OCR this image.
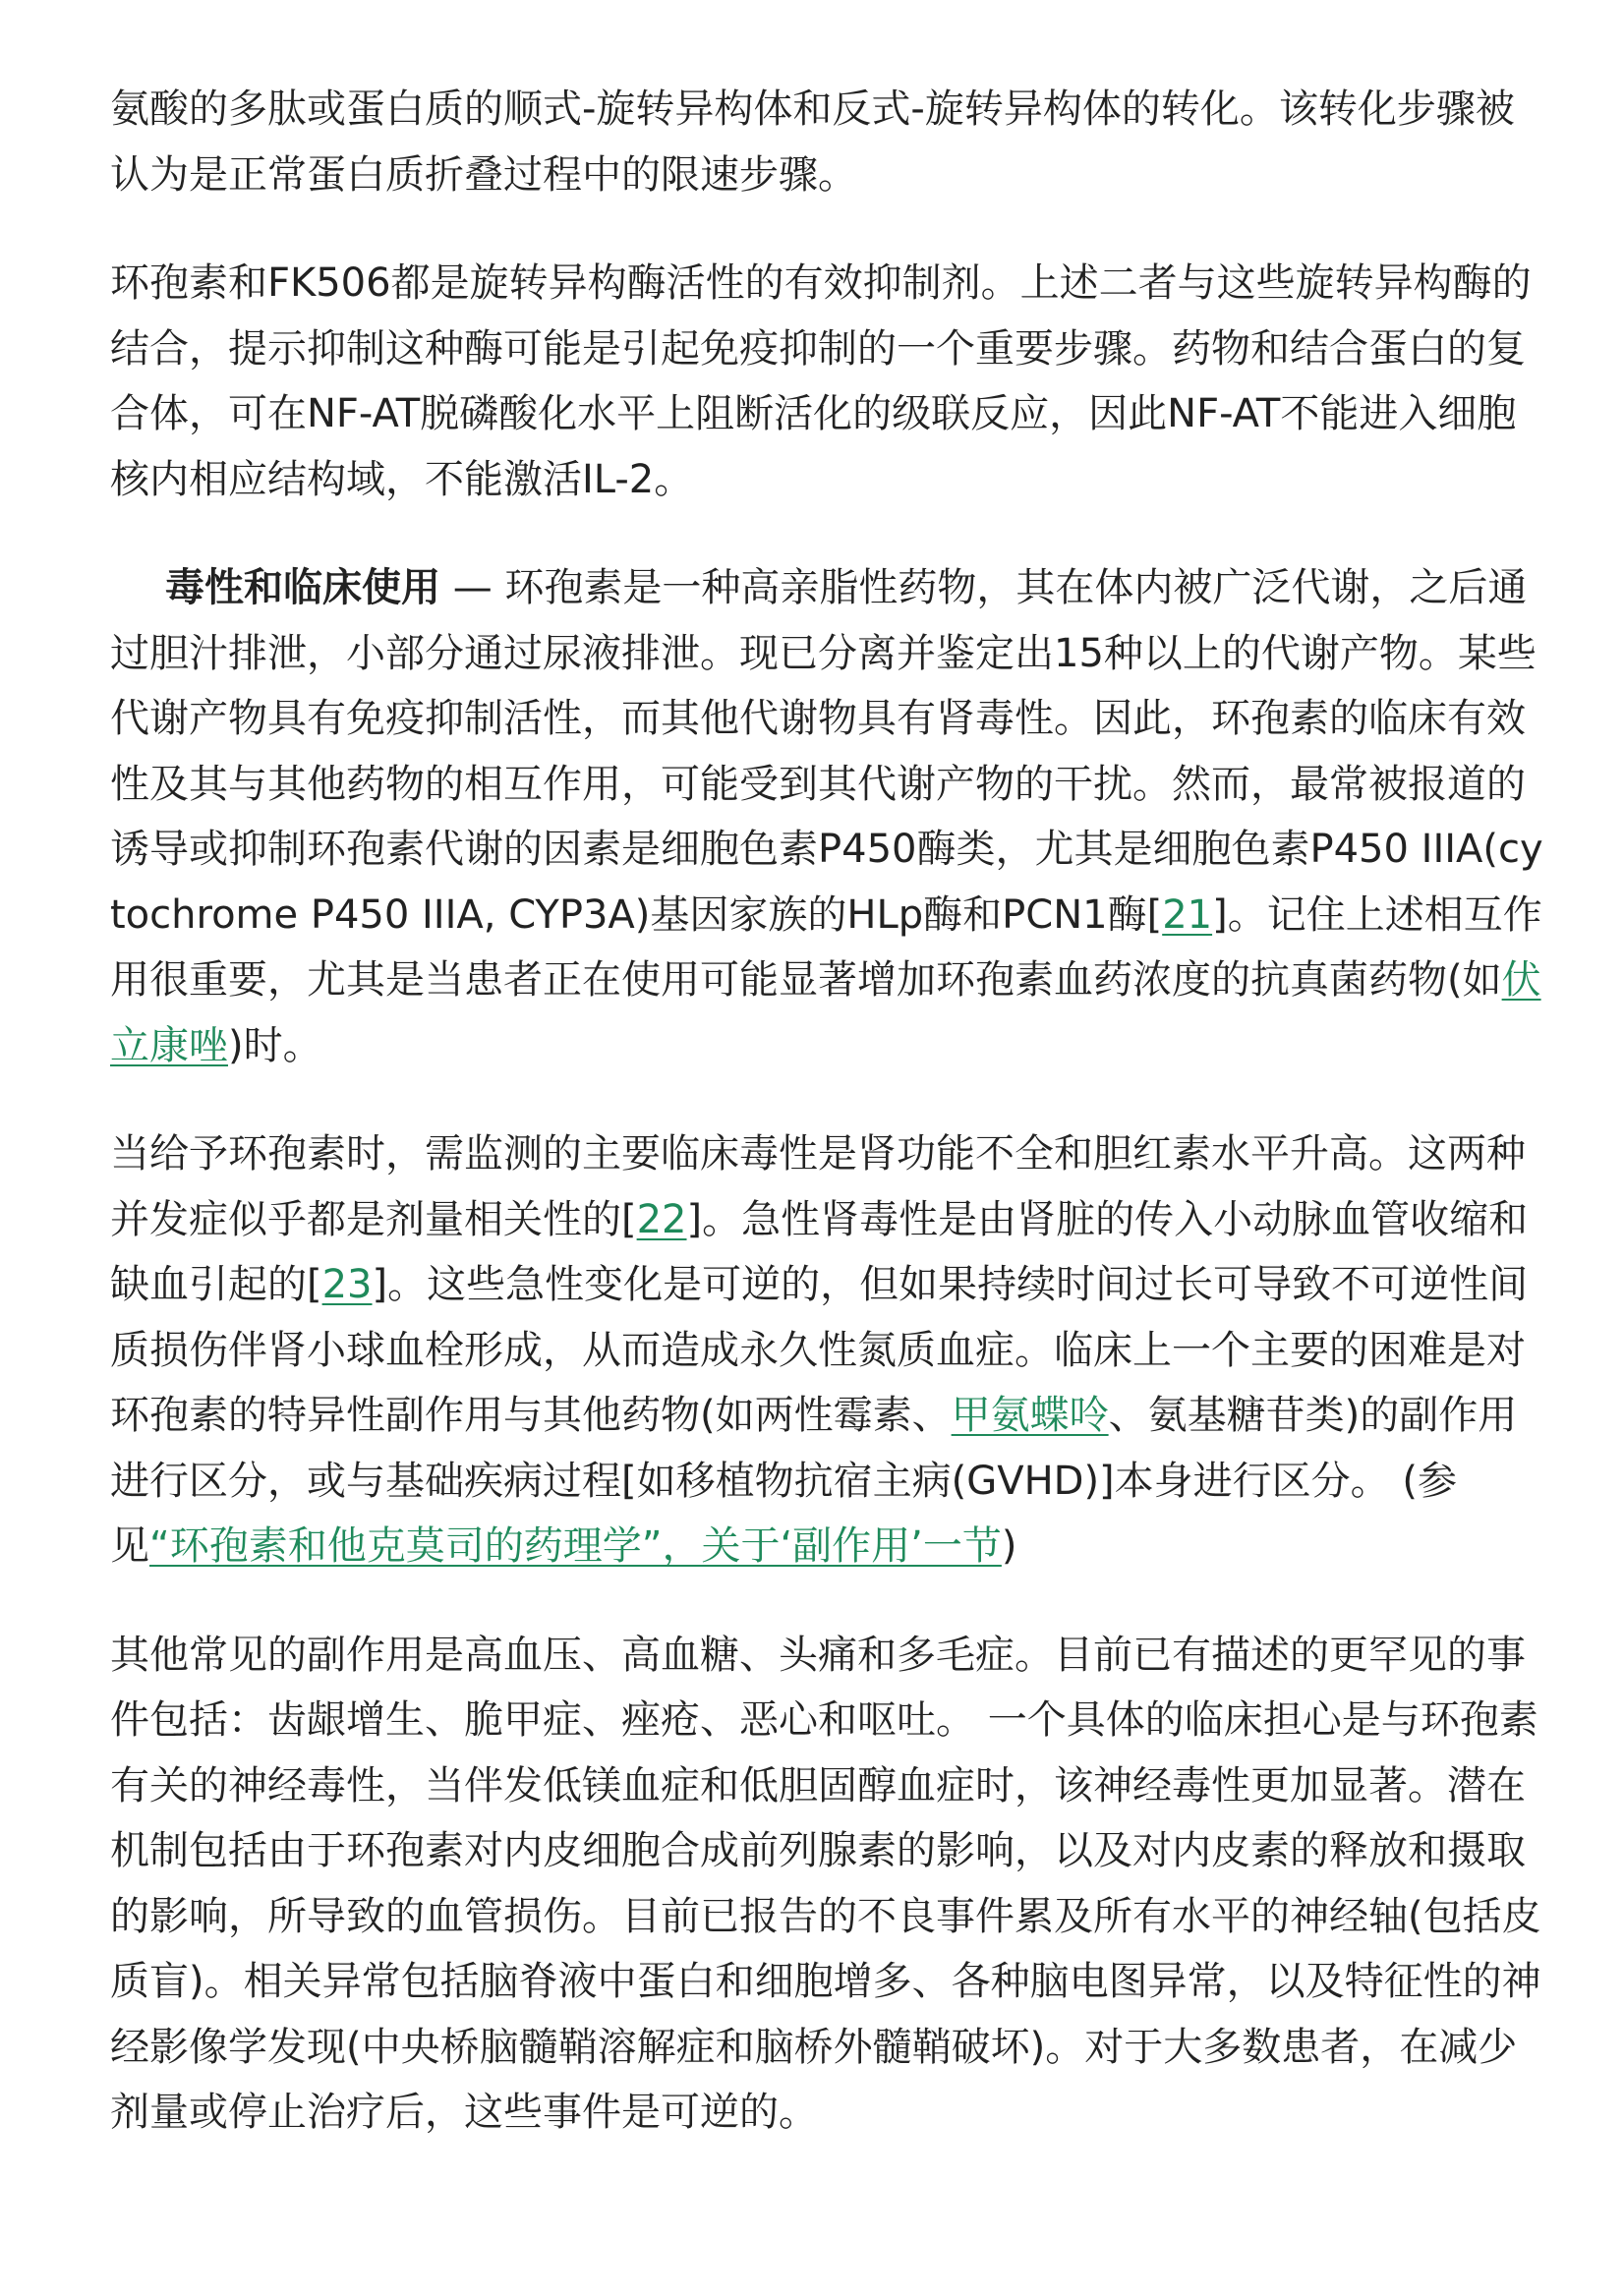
氨酸的多肽或蛋白质的顺式-旋转异构体和反式-旋转异构体的转化。该转化步骤被认为是正常蛋白质折叠过程中的限速步骤。

环孢素和FK506都是旋转异构酶活性的有效抑制剂。上述二者与这些旋转异构酶的结合，提示抑制这种酶可能是引起免疫抑制的一个重要步骤。药物和结合蛋白的复合体，可在NF-AT脱磷酸化水平上阻断活化的级联反应，因此NF-AT不能进入细胞核内相应结构域，不能激活IL-2。

毒性和临床使用 — 环孢素是一种高亲脂性药物，其在体内被广泛代谢，之后通过胆汁排泄，小部分通过尿液排泄。现已分离并鉴定出15种以上的代谢产物。某些代谢产物具有免疫抑制活性，而其他代谢物具有肾毒性。因此，环孢素的临床有效性及其与其他药物的相互作用，可能受到其代谢产物的干扰。然而，最常被报道的诱导或抑制环孢素代谢的因素是细胞色素P450酶类，尤其是细胞色素P450 IIIA(cytochrome P450 IIIA, CYP3A)基因家族的HLp酶和PCN1酶[21]。记住上述相互作用很重要，尤其是当患者正在使用可能显著增加环孢素血药浓度的抗真菌药物(如伏立康唑)时。

当给予环孢素时，需监测的主要临床毒性是肾功能不全和胆红素水平升高。这两种并发症似乎都是剂量相关性的[22]。急性肾毒性是由肾脏的传入小动脉血管收缩和缺血引起的[23]。这些急性变化是可逆的，但如果持续时间过长可导致不可逆性间质损伤伴肾小球血栓形成，从而造成永久性氮质血症。临床上一个主要的困难是对环孢素的特异性副作用与其他药物(如两性霉素、甲氨蝶呤、氨基糖苷类)的副作用进行区分，或与基础疾病过程[如移植物抗宿主病(GVHD)]本身进行区分。 (参见“环孢素和他克莫司的药理学”，关于‘副作用’一节)

其他常见的副作用是高血压、高血糖、头痛和多毛症。目前已有描述的更罕见的事件包括：齿龈增生、脆甲症、痤疮、恶心和呕吐。 一个具体的临床担心是与环孢素有关的神经毒性，当伴发低镁血症和低胆固醇血症时，该神经毒性更加显著。潜在机制包括由于环孢素对内皮细胞合成前列腺素的影响，以及对内皮素的释放和摄取的影响，所导致的血管损伤。目前已报告的不良事件累及所有水平的神经轴(包括皮质盲)。相关异常包括脑脊液中蛋白和细胞增多、各种脑电图异常，以及特征性的神经影像学发现(中央桥脑髓鞘溶解症和脑桥外髓鞘破坏)。对于大多数患者，在减少剂量或停止治疗后，这些事件是可逆的。
